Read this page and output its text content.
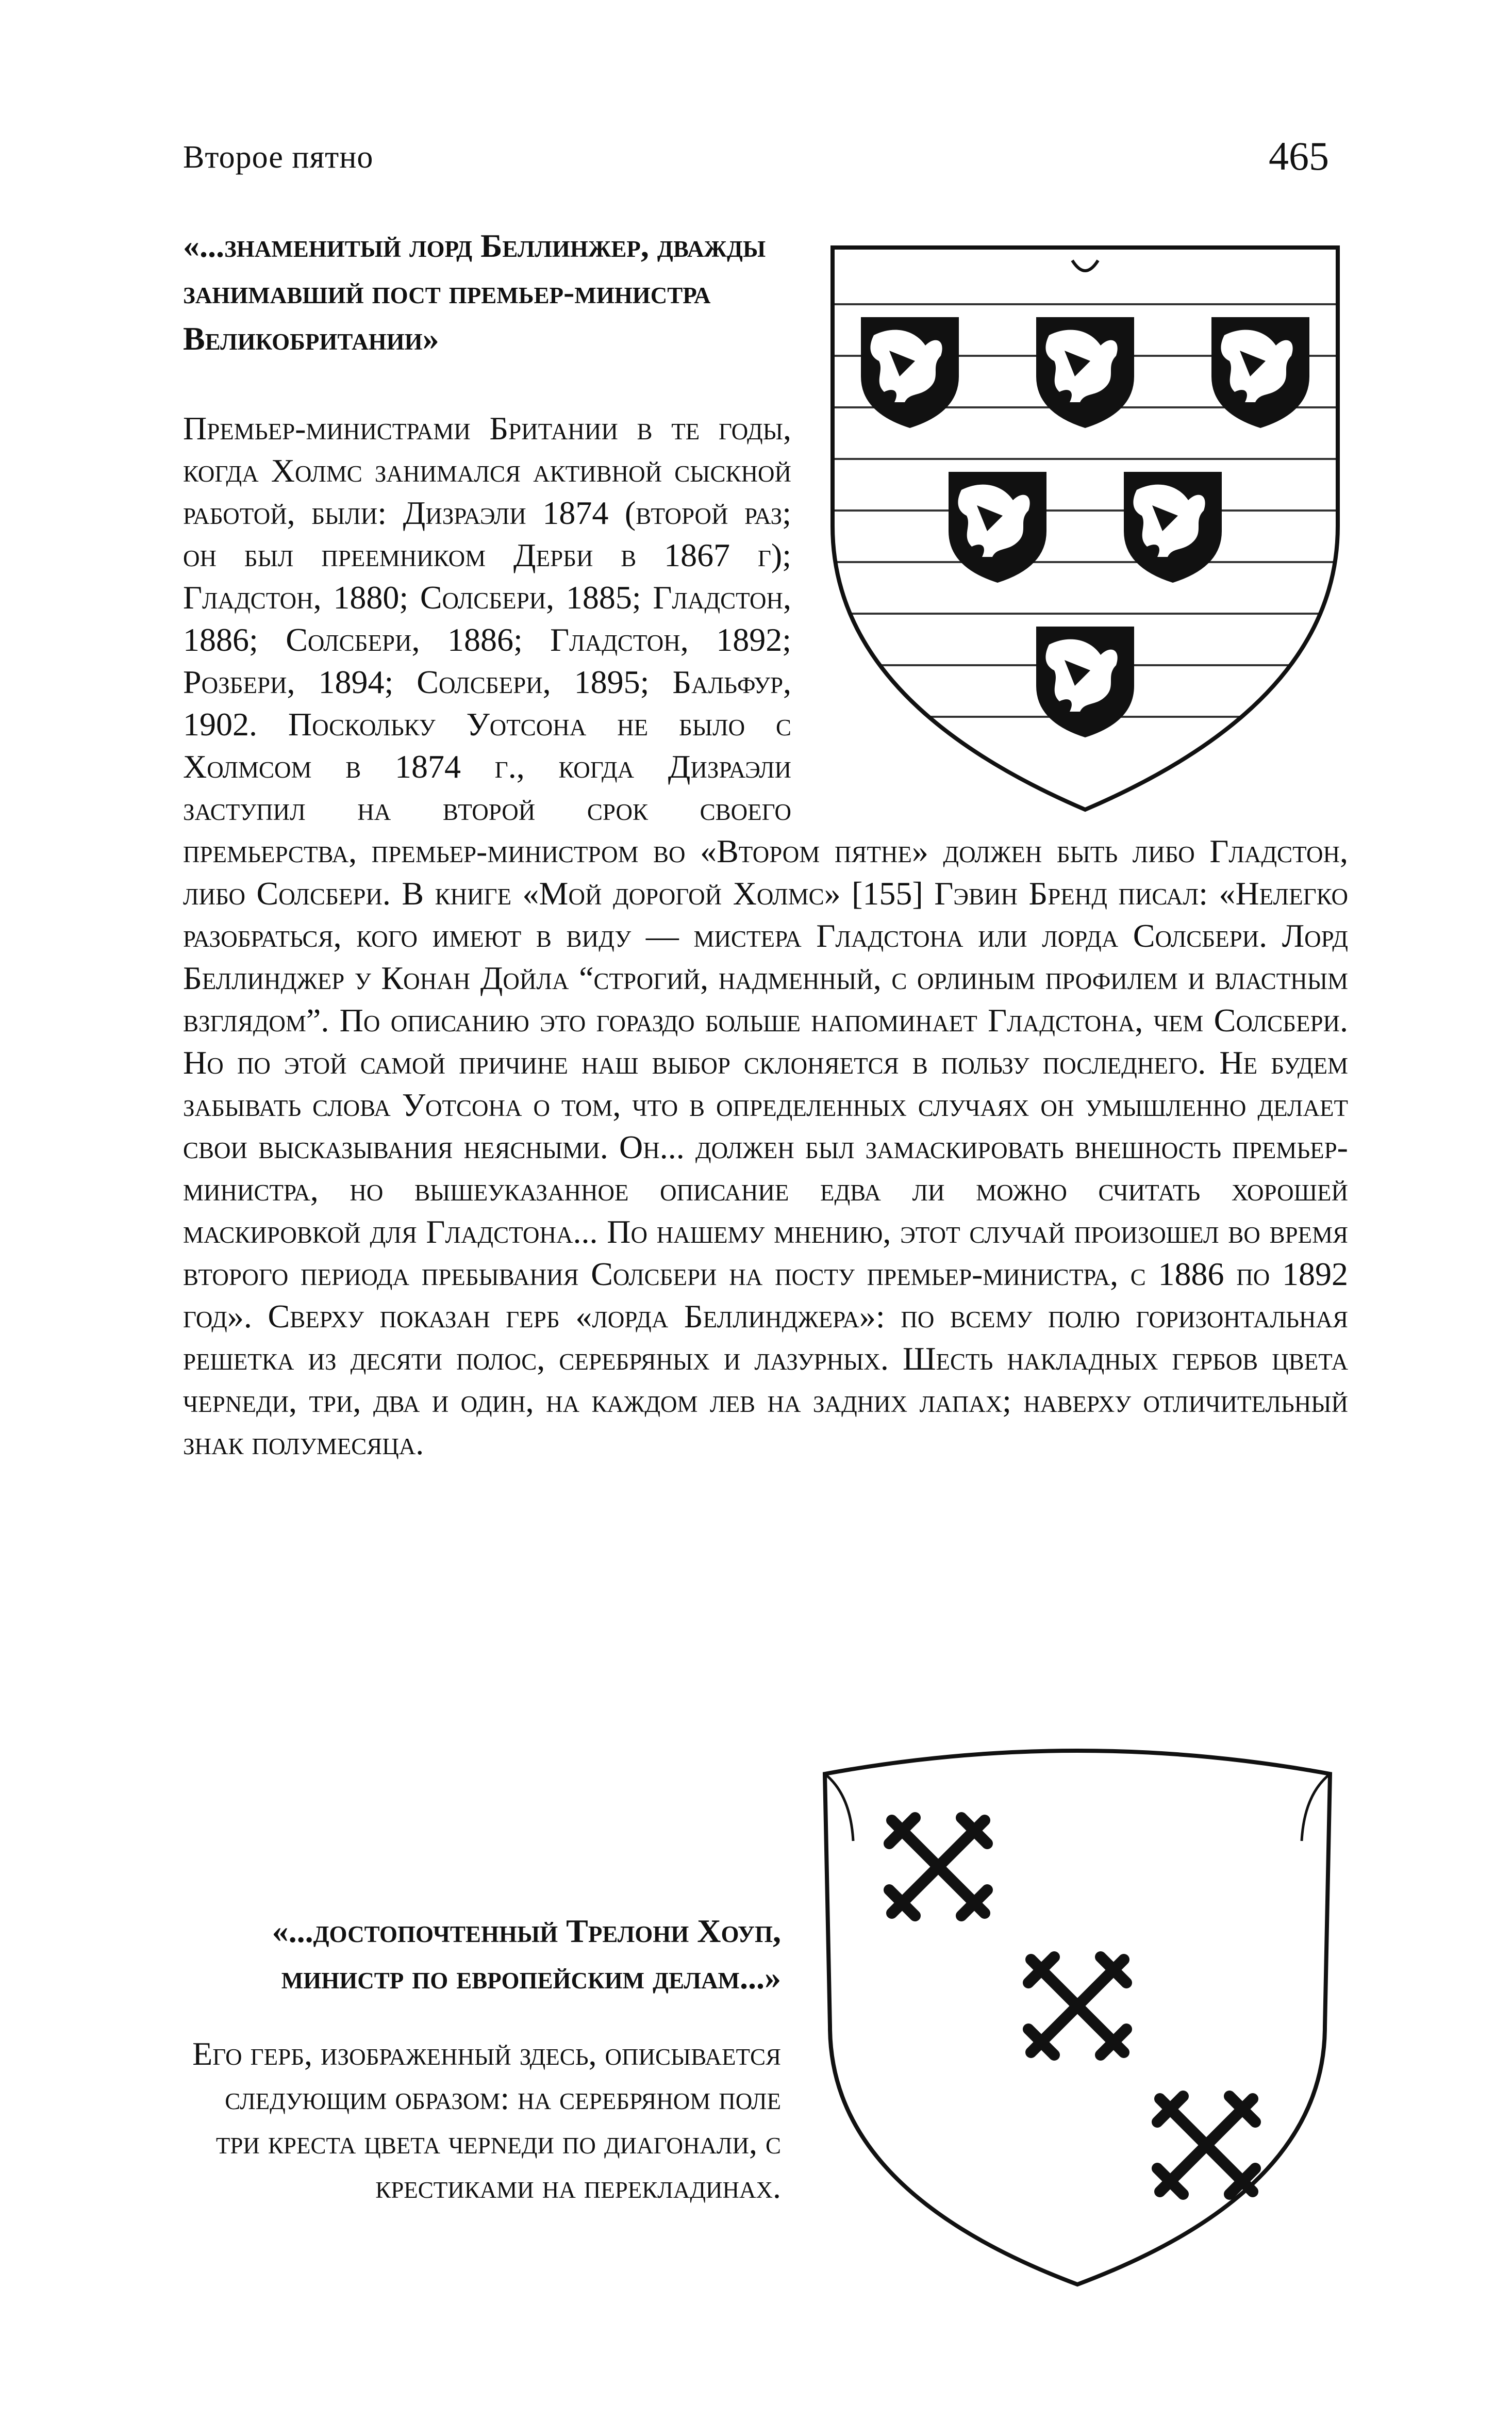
Второе пятно	465
«...знаменитый лорд Беллинжер, дважды занимавший пост премьер-министра Великобритании»

Премьер-министрами Британии в те годы, когда Холмс занимался активной сыскной работой, были: Дизраэли 1874 (второй раз; он был преемником Дерби в 1867 г); Гладстон, 1880; Солсбери, 1885; Гладстон, 1886; Солсбери, 1886; Гладстон, 1892; Розбери, 1894; Солсбери, 1895; Бальфур, 1902. Поскольку Уотсона не было с Холмсом в 1874 г., когда Дизраэли заступил на второй срок своего премьерства, премьер-министром во «Втором пятне» должен быть либо Гладстон, либо Солсбери. В книге «Мой дорогой Холмс» [155] Гэвин Бренд писал: «Нелегко разобраться, кого имеют в виду — мистера Гладстона или лорда Солсбери. Лорд Беллинджер у Конан Дойла “строгий, надменный, с орлиным профилем и властным взглядом”. По описанию это гораздо больше напоминает Гладстона, чем Солсбери. Но по этой самой причине наш выбор склоняется в пользу последнего. Не будем забывать слова Уотсона о том, что в определенных случаях он умышленно делает свои высказывания неясными. Он... должен был замаскировать внешность премьер-министра, но вышеуказанное описание едва ли можно считать хорошей маскировкой для Гладстона... По нашему мнению, этот случай произошел во время второго периода пребывания Солсбери на посту премьер-министра, с 1886 по 1892 год». Сверху показан герб «лорда Беллинджера»: по всему полю горизонтальная решетка из десяти полос, серебряных и лазурных. Шесть накладных гербов цвета черneди, три, два и один, на каждом лев на задних лапах; наверху отличительный знак полумесяца.

«...достопочтенный Трелони Хоуп, министр по европейским делам...»

Его герб, изображенный здесь, описывается следующим образом: на серебряном поле три креста цвета черneди по диагонали, с крестиками на перекладинах.
